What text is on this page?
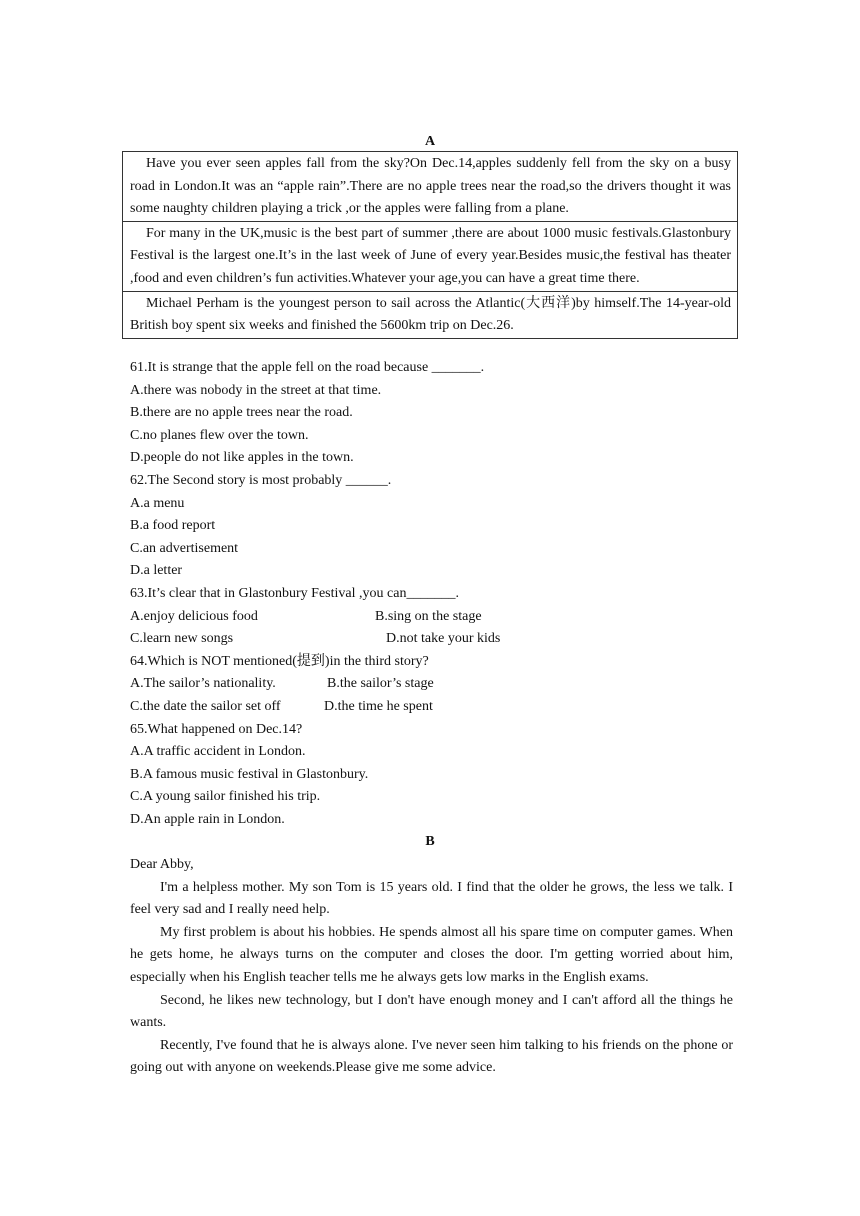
A
Have you ever seen apples fall from the sky?On Dec.14,apples suddenly fell from the sky on a busy road in London.It was an “apple rain”.There are no apple trees near the road,so the drivers thought it was some naughty children playing a trick ,or the apples were falling from a plane.
For many in the UK,music is the best part of summer ,there are about 1000 music festivals.Glastonbury Festival is the largest one.It’s in the last week of June of every year.Besides music,the festival has theater ,food and even children’s fun activities.Whatever your age,you can have a great time there.
Michael Perham is the youngest person to sail across the Atlantic(大西洋)by himself.The 14-year-old British boy spent six weeks and finished the 5600km trip on Dec.26.

61.It is strange that the apple fell on the road because _______.

A.there was nobody in the street at that time.

B.there are no apple trees near the road.

C.no planes flew over the town.

D.people do not like apples in the town.

62.The Second story is most probably ______.

A.a menu

B.a food report

C.an advertisement

D.a letter

63.It’s clear that in Glastonbury Festival ,you can_______.

A.enjoy delicious food	B.sing on the stage

C.learn new songs	D.not take your kids

64.Which is NOT mentioned(提到)in the third story?

A.The sailor’s nationality.	B.the sailor’s stage

C.the date the sailor set off	D.the time he spent

65.What happened on Dec.14?

A.A traffic accident in London.

B.A famous music festival in Glastonbury.

C.A young sailor finished his trip.

D.An apple rain in London.

B

Dear Abby,

I'm a helpless mother. My son Tom is 15 years old. I find that the older he grows, the less we talk. I feel very sad and I really need help.

My first problem is about his hobbies. He spends almost all his spare time on computer games. When he gets home, he always turns on the computer and closes the door. I'm getting worried about him, especially when his English teacher tells me he always gets low marks in the English exams.

Second, he likes new technology, but I don't have enough money and I can't afford all the things he wants.

Recently, I've found that he is always alone. I've never seen him talking to his friends on the phone or going out with anyone on weekends.Please give me some advice.
